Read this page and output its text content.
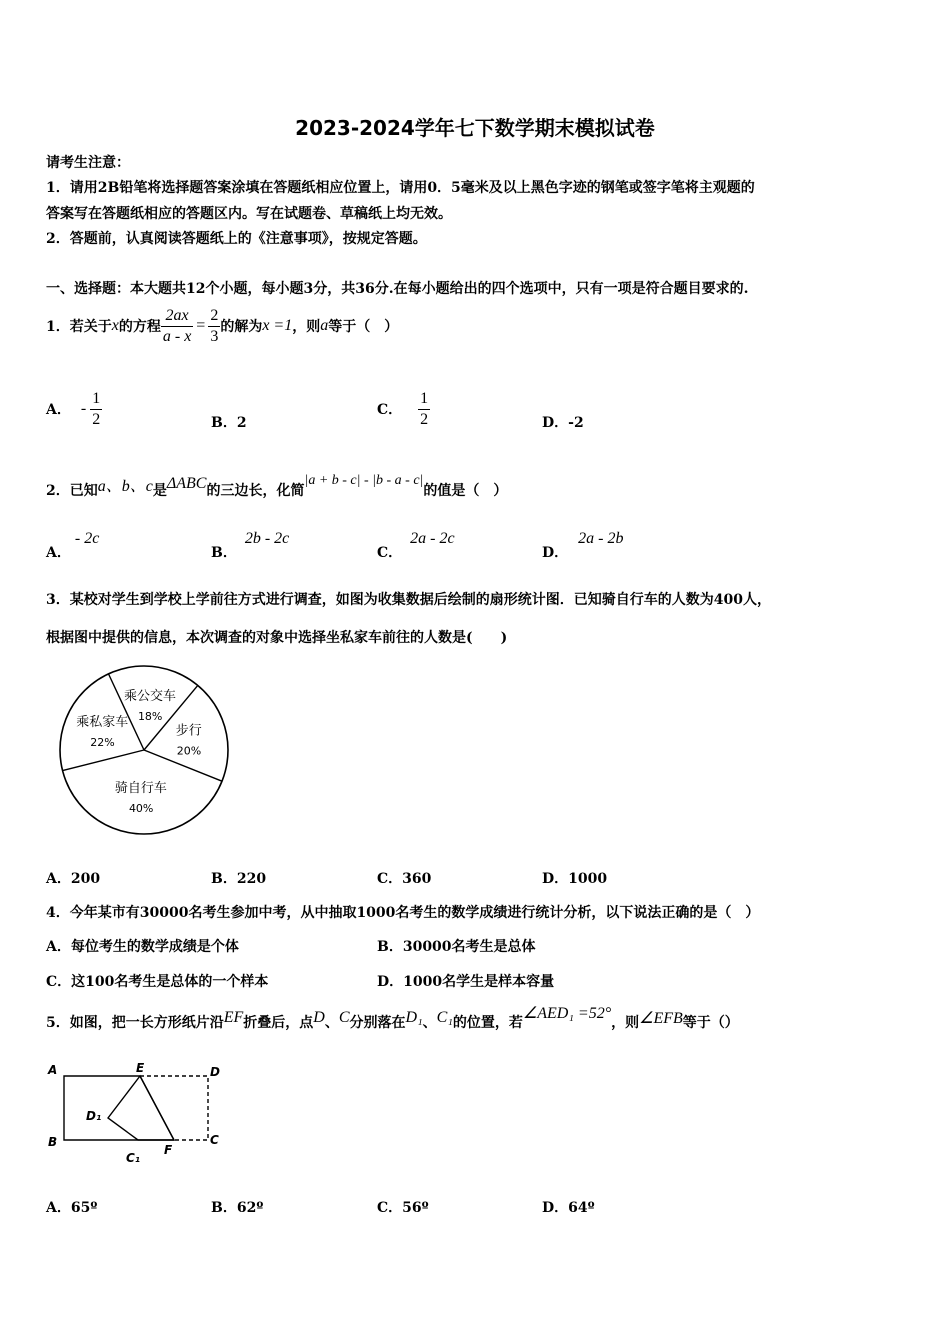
2023-2024学年七下数学期末模拟试卷
请考生注意：
1．请用2B铅笔将选择题答案涂填在答题纸相应位置上，请用0．5毫米及以上黑色字迹的钢笔或签字笔将主观题的
答案写在答题纸相应的答题区内。写在试题卷、草稿纸上均无效。
2．答题前，认真阅读答题纸上的《注意事项》，按规定答题。
一、选择题：本大题共12个小题，每小题3分，共36分.在每小题给出的四个选项中，只有一项是符合题目要求的.
1．若关于 x 的方程 $\frac{2ax}{a - x} = \frac{2}{3}$ 的解为 x =1 ，则 a 等于（　）
A． - $\frac{1}{2}$	B．2
C． $\frac{1}{2}$	D．-2
2．已知 a、b、c 是 ΔABC 的三边长，化简
|a + b - c| - |b - a - c|
的值是（　）
A．- 2c
B．2b - 2c
C．2a - 2c
D．2a - 2b
3．某校对学生到学校上学前往方式进行调查，如图为收集数据后绘制的扇形统计图．已知骑自行车的人数为400人，
根据图中提供的信息，本次调查的对象中选择坐私家车前往的人数是(　　)
乘公交车
18%
步行
20%
骑自行车
40%
乘私家车
22%
A．200	B．220	C．360	D．1000
4．今年某市有30000名考生参加中考，从中抽取1000名考生的数学成绩进行统计分析，以下说法正确的是（　）
A．每位考生的数学成绩是个体	B．30000名考生是总体
C．这100名考生是总体的一个样本	D．1000名学生是样本容量
5．如图，把一长方形纸片沿 EF 折叠后，点 D 、 C 分别落在 D₁ 、 C₁ 的位置，若
∠AED₁ =52°
，则 ∠EFB 等于（）
A
B
E	D
C
D₁
C₁
F
A．65º	B．62º	C．56º	D．64º
